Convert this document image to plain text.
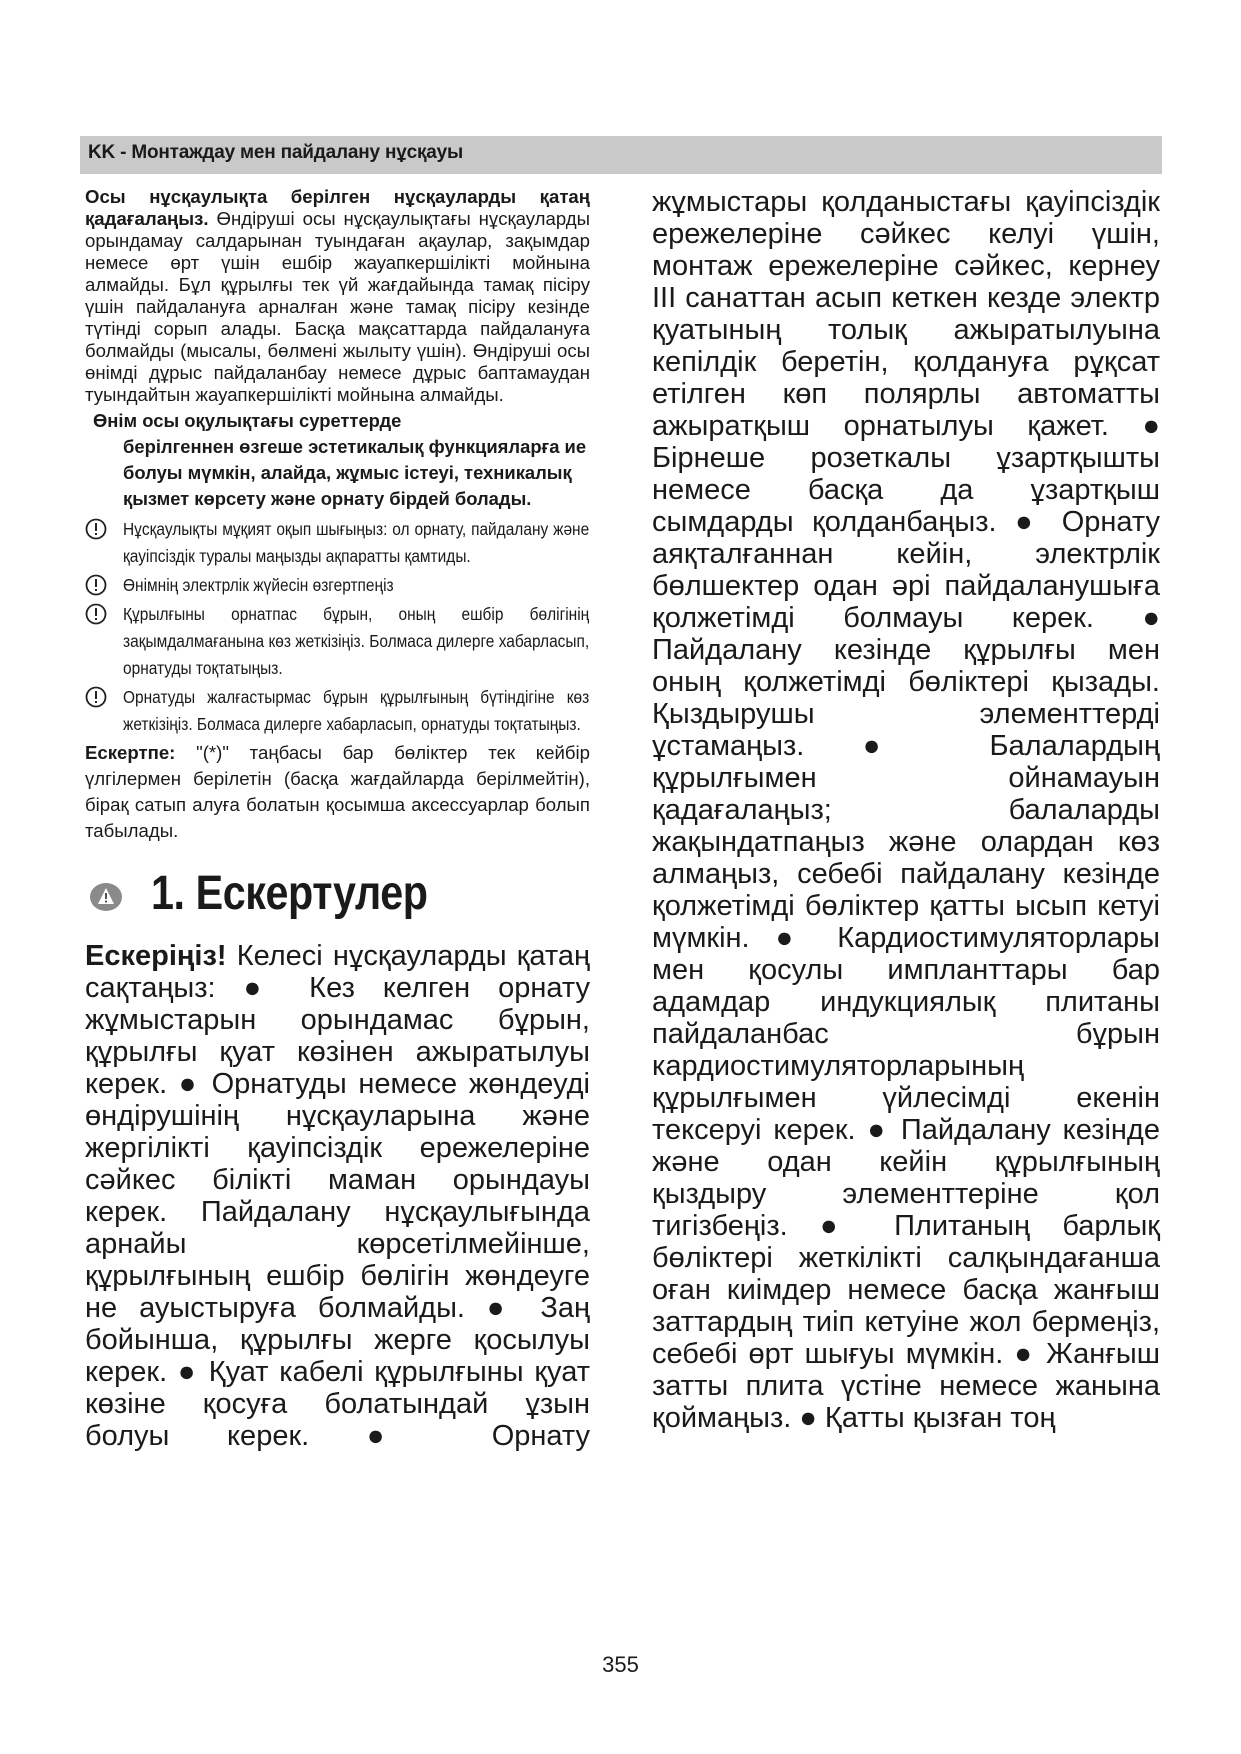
KK - Монтаждау мен пайдалану нұсқауы

Осы нұсқаулықта берілген нұсқауларды қатаң қадағалаңыз. Өндіруші осы нұсқаулықтағы нұсқауларды орындамау салдарынан туындаған ақаулар, зақымдар немесе өрт үшін ешбір жауапкершілікті мойнына алмайды. Бұл құрылғы тек үй жағдайында тамақ пісіру үшін пайдалануға арналған және тамақ пісіру кезінде түтінді сорып алады. Басқа мақсаттарда пайдалануға болмайды (мысалы, бөлмені жылыту үшін). Өндіруші осы өнімді дұрыс пайдаланбау немесе дұрыс баптамаудан туындайтын жауапкершілікті мойнына алмайды.

Өнім осы оқулықтағы суреттерде
берілгеннен өзгеше эстетикалық функцияларға ие болуы мүмкін, алайда, жұмыс істеуі, техникалық қызмет көрсету және орнату бірдей болады.
Нұсқаулықты мұқият оқып шығыңыз: ол орнату, пайдалану және қауіпсіздік туралы маңызды ақпаратты қамтиды.
Өнімнің электрлік жүйесін өзгертпеңіз
Құрылғыны орнатпас бұрын, оның ешбір бөлігінің зақымдалмағанына көз жеткізіңіз. Болмаса дилерге хабарласып, орнатуды тоқтатыңыз.
Орнатуды жалғастырмас бұрын құрылғының бүтіндігіне көз жеткізіңіз. Болмаса дилерге хабарласып, орнатуды тоқтатыңыз.

Ескертпе: "(*)" таңбасы бар бөліктер тек кейбір үлгілермен берілетін (басқа жағдайларда берілмейтін), бірақ сатып алуға болатын қосымша аксессуарлар болып табылады.

1. Ескертулер

Ескеріңіз! Келесі нұсқауларды қатаң сақтаңыз: ● Кез келген орнату жұмыстарын орындамас бұрын, құрылғы қуат көзінен ажыратылуы керек. ● Орнатуды немесе жөндеуді өндірушінің нұсқауларына және жергілікті қауіпсіздік ережелеріне сәйкес білікті маман орындауы керек. Пайдалану нұсқаулығында арнайы көрсетілмейінше, құрылғының ешбір бөлігін жөндеуге не ауыстыруға болмайды. ● Заң бойынша, құрылғы жерге қосылуы керек. ● Қуат кабелі құрылғыны қуат көзіне қосуға болатындай ұзын болуы керек. ● Орнату

жұмыстары қолданыстағы қауіпсіздік ережелеріне сәйкес келуі үшін, монтаж ережелеріне сәйкес, кернеу III санаттан асып кеткен кезде электр қуатының толық ажыратылуына кепілдік беретін, қолдануға рұқсат етілген көп полярлы автоматты ажыратқыш орнатылуы қажет. ● Бірнеше розеткалы ұзартқышты немесе басқа да ұзартқыш сымдарды қолданбаңыз. ● Орнату аяқталғаннан кейін, электрлік бөлшектер одан әрі пайдаланушыға қолжетімді болмауы керек. ● Пайдалану кезінде құрылғы мен оның қолжетімді бөліктері қызады. Қыздырушы элементтерді ұстамаңыз. ● Балалардың құрылғымен ойнамауын қадағалаңыз; балаларды жақындатпаңыз және олардан көз алмаңыз, себебі пайдалану кезінде қолжетімді бөліктер қатты ысып кетуі мүмкін. ● Кардиостимуляторлары мен қосулы импланттары бар адамдар индукциялық плитаны пайдаланбас бұрын кардиостимуляторларының құрылғымен үйлесімді екенін тексеруі керек. ● Пайдалану кезінде және одан кейін құрылғының қыздыру элементтеріне қол тигізбеңіз. ● Плитаның барлық бөліктері жеткілікті салқындағанша оған киімдер немесе басқа жанғыш заттардың тиіп кетуіне жол бермеңіз, себебі өрт шығуы мүмкін. ● Жанғыш затты плита үстіне немесе жанына қоймаңыз. ● Қатты қызған тоң

355
